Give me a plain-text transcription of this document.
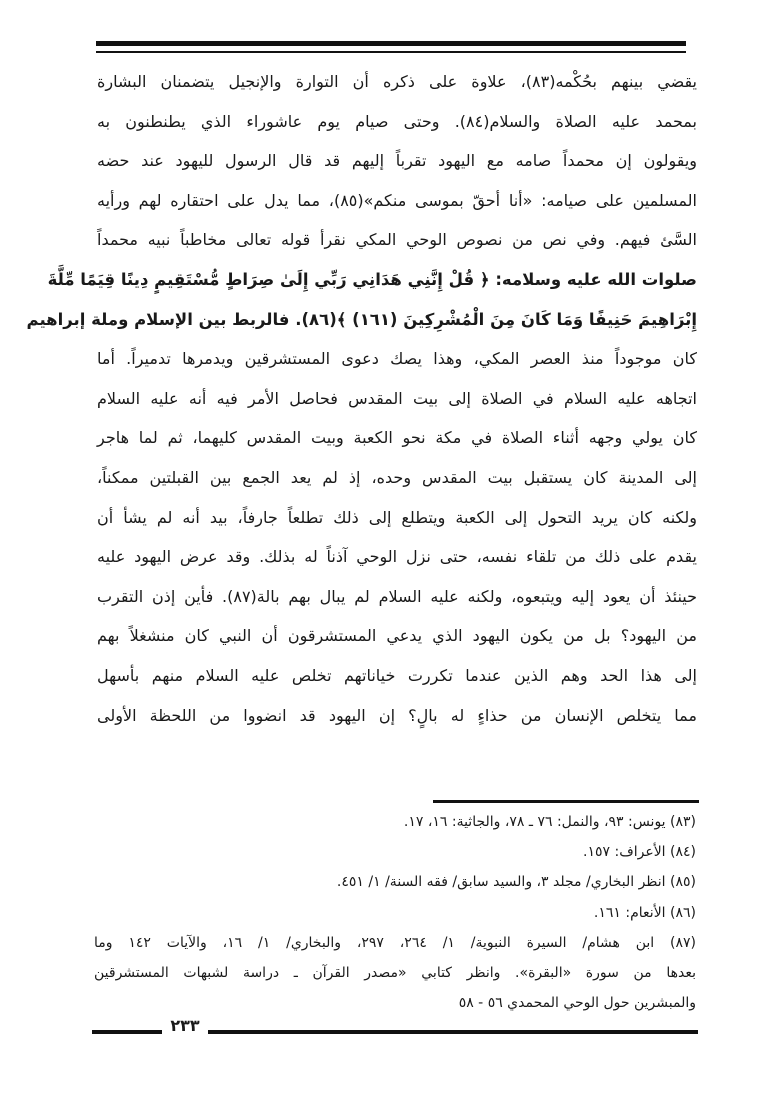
يقضي بينهم بحُكْمه(٨٣)، علاوة على ذكره أن التوارة والإنجيل يتضمنان البشارة
بمحمد عليه الصلاة والسلام(٨٤). وحتى صيام يوم عاشوراء الذي يطنطنون به
ويقولون إن محمداً صامه مع اليهود تقرباً إليهم قد قال الرسول لليهود عند حضه
المسلمين على صيامه: «أنا أحقّ بموسى منكم»(٨٥)، مما يدل على احتقاره لهم ورأيه
السَّئ فيهم. وفي نص من نصوص الوحي المكي نقرأ قوله تعالى مخاطباً نبيه محمداً
صلوات الله عليه وسلامه: ﴿ قُلْ إِنَّنِي هَدَانِي رَبِّي إِلَىٰ صِرَاطٍ مُّسْتَقِيمٍ دِينًا قِيَمًا مِّلَّةَ
إِبْرَاهِيمَ حَنِيفًا وَمَا كَانَ مِنَ الْمُشْرِكِينَ (١٦١) ﴾(٨٦). فالربط بين الإسلام وملة إبراهيم
كان موجوداً منذ العصر المكي، وهذا يصك دعوى المستشرقين ويدمرها تدميراً. أما
اتجاهه عليه السلام في الصلاة إلى بيت المقدس فحاصل الأمر فيه أنه عليه السلام
كان يولي وجهه أثناء الصلاة في مكة نحو الكعبة وبيت المقدس كليهما، ثم لما هاجر
إلى المدينة كان يستقبل بيت المقدس وحده، إذ لم يعد الجمع بين القبلتين ممكناً،
ولكنه كان يريد التحول إلى الكعبة ويتطلع إلى ذلك تطلعاً جارفاً، بيد أنه لم يشأ أن
يقدم على ذلك من تلقاء نفسه، حتى نزل الوحي آذناً له بذلك. وقد عرض اليهود عليه
حينئذ أن يعود إليه ويتبعوه، ولكنه عليه السلام لم يبال بهم بالة(٨٧). فأين إذن التقرب
من اليهود؟ بل من يكون اليهود الذي يدعي المستشرقون أن النبي كان منشغلاً بهم
إلى هذا الحد وهم الذين عندما تكررت خياناتهم تخلص عليه السلام منهم بأسهل
مما يتخلص الإنسان من حذاءٍ له بالٍ؟ إن اليهود قد انضووا من اللحظة الأولى
(٨٣) يونس: ٩٣، والنمل: ٧٦ ـ ٧٨، والجاثية: ١٦، ١٧.
(٨٤) الأعراف: ١٥٧.
(٨٥) انظر البخاري/ مجلد ٣، والسيد سابق/ فقه السنة/ ١/ ٤٥١.
(٨٦) الأنعام: ١٦١.
(٨٧) ابن هشام/ السيرة النبوية/ ١/ ٢٦٤، ٢٩٧، والبخاري/ ١/ ١٦، والآيات ١٤٢ وما
بعدها من سورة «البقرة». وانظر كتابي «مصدر القرآن ـ دراسة لشبهات المستشرقين
والمبشرين حول الوحي المحمدي ٥٦ - ٥٨
٢٣٣
